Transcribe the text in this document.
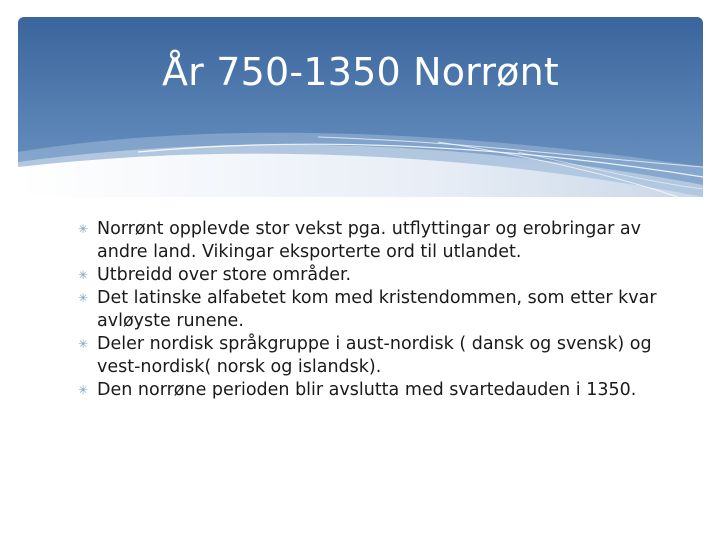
År 750-1350 Norrønt
✳ Norrønt opplevde stor vekst pga. utflyttingar og erobringar av andre land. Vikingar eksporterte ord til utlandet.
✳ Utbreidd over store områder.
✳ Det latinske alfabetet kom med kristendommen, som etter kvar avløyste runene.
✳ Deler nordisk språkgruppe i aust-nordisk ( dansk og svensk) og vest-nordisk( norsk og islandsk).
✳ Den norrøne perioden blir avslutta med svartedauden i 1350.
